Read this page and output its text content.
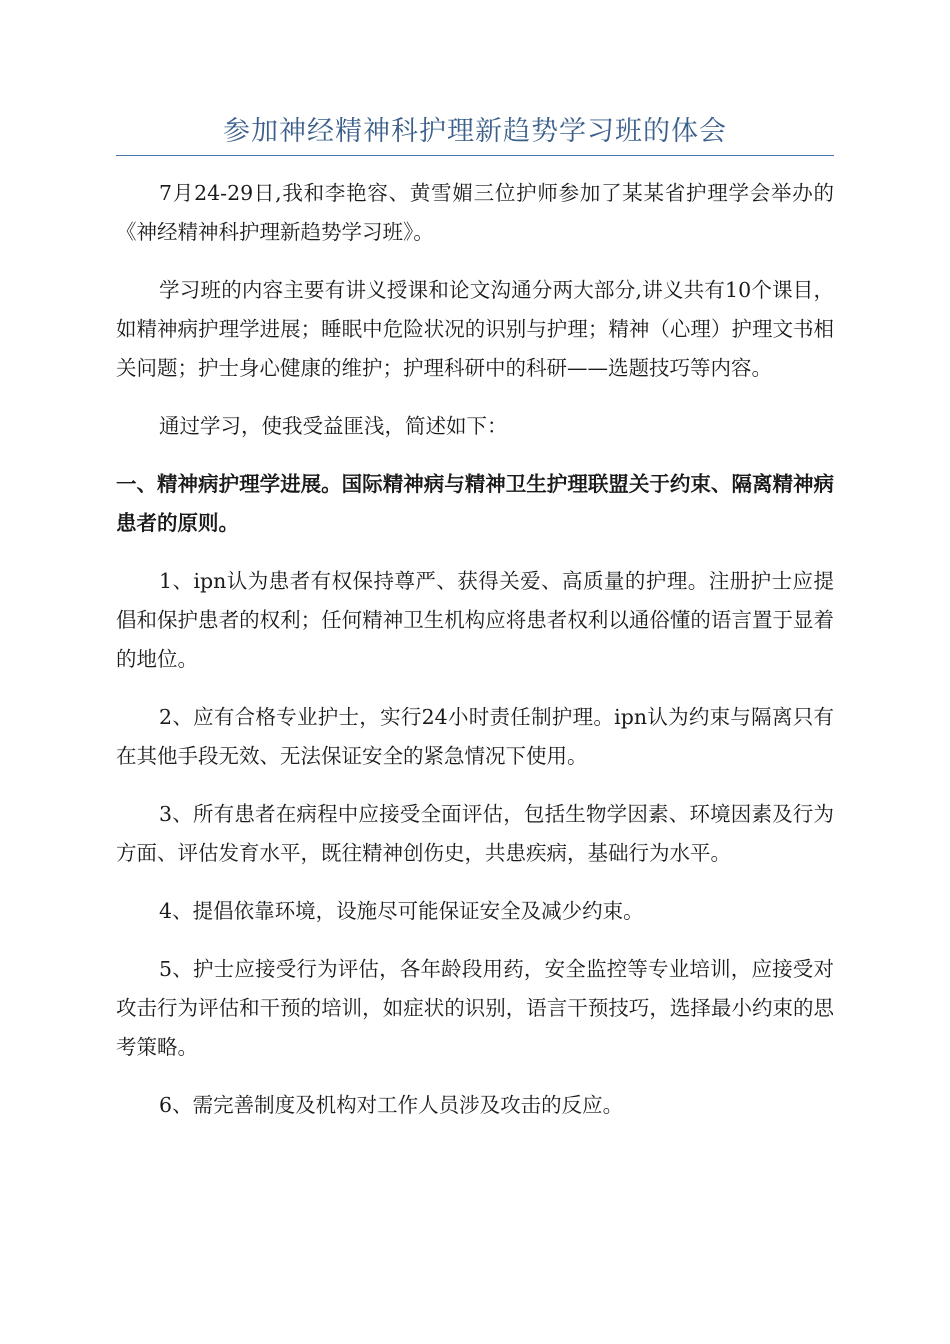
参加神经精神科护理新趋势学习班的体会

7月24-29日,我和李艳容、黄雪媚三位护师参加了某某省护理学会举办的《神经精神科护理新趋势学习班》。

学习班的内容主要有讲义授课和论文沟通分两大部分,讲义共有10个课目，如精神病护理学进展；睡眠中危险状况的识别与护理；精神（心理）护理文书相关问题；护士身心健康的维护；护理科研中的科研——选题技巧等内容。

通过学习，使我受益匪浅，简述如下：

一、精神病护理学进展。国际精神病与精神卫生护理联盟关于约束、隔离精神病患者的原则。

1、ipn认为患者有权保持尊严、获得关爱、高质量的护理。注册护士应提倡和保护患者的权利；任何精神卫生机构应将患者权利以通俗懂的语言置于显着的地位。

2、应有合格专业护士，实行24小时责任制护理。ipn认为约束与隔离只有在其他手段无效、无法保证安全的紧急情况下使用。

3、所有患者在病程中应接受全面评估，包括生物学因素、环境因素及行为方面、评估发育水平，既往精神创伤史，共患疾病，基础行为水平。

4、提倡依靠环境，设施尽可能保证安全及减少约束。

5、护士应接受行为评估，各年龄段用药，安全监控等专业培训，应接受对攻击行为评估和干预的培训，如症状的识别，语言干预技巧，选择最小约束的思考策略。

6、需完善制度及机构对工作人员涉及攻击的反应。
